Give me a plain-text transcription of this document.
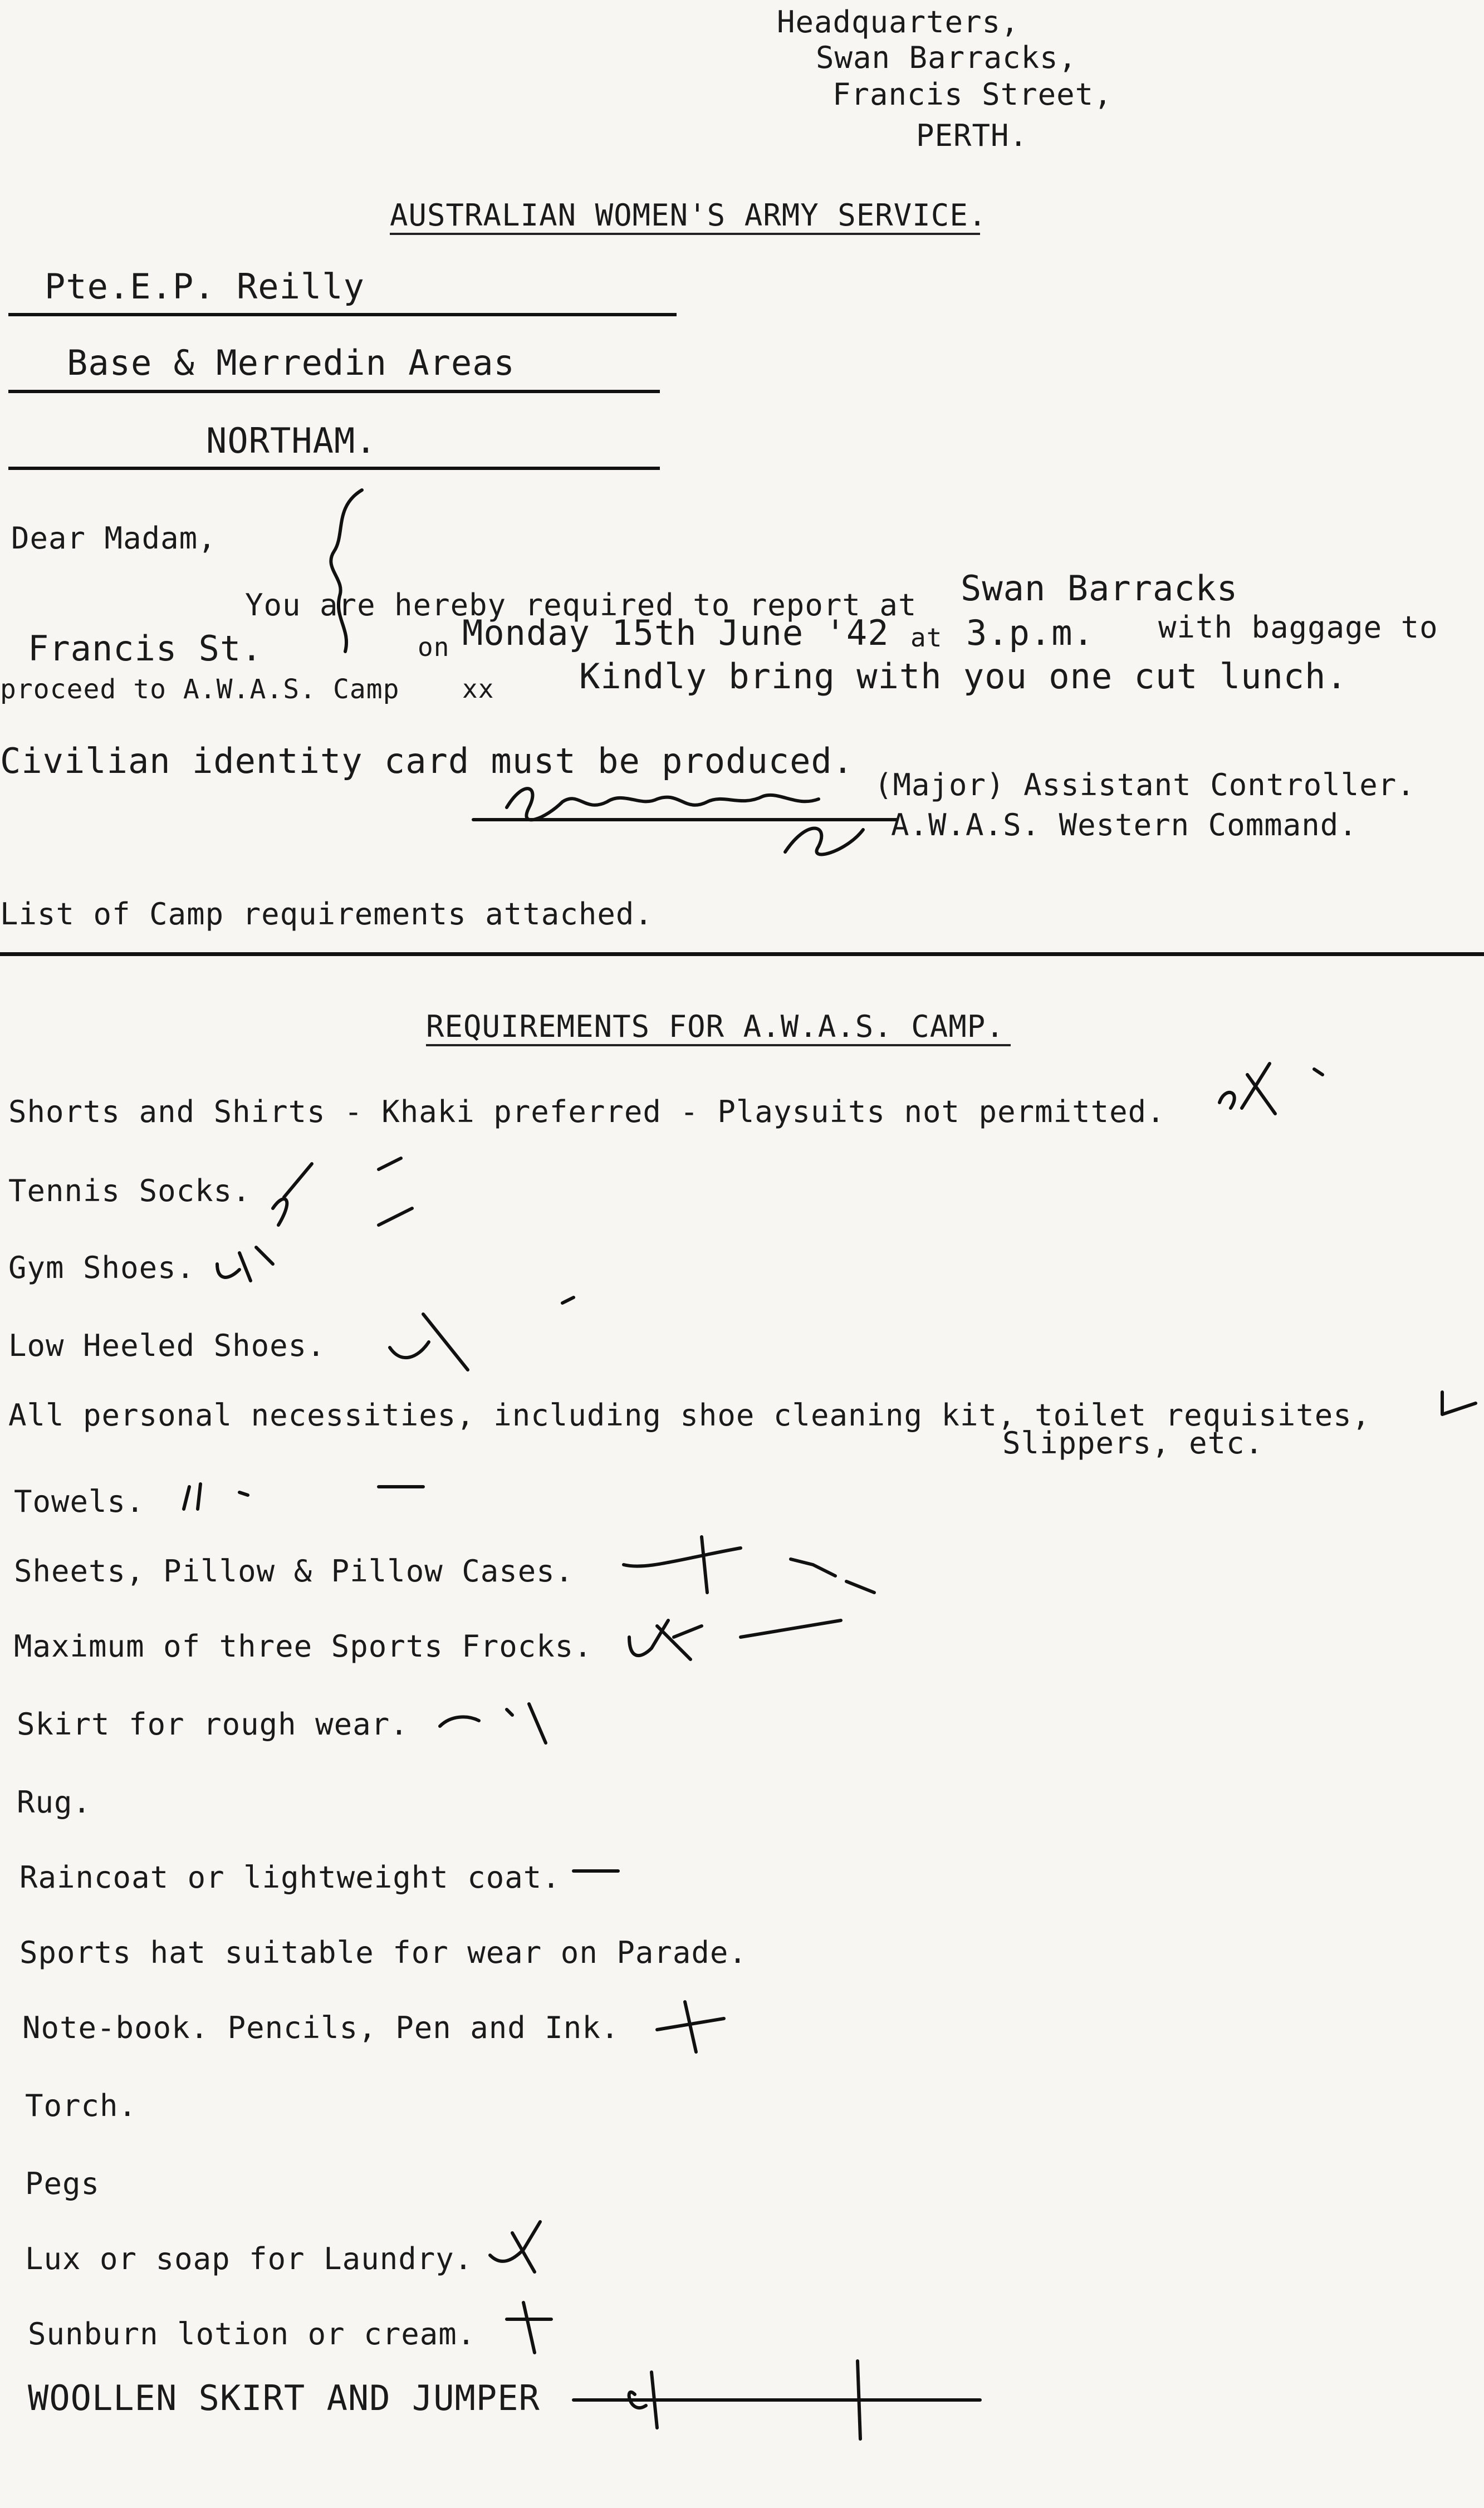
Headquarters,
Swan Barracks,
Francis Street,
PERTH.
AUSTRALIAN WOMEN'S ARMY SERVICE.
Pte.E.P. Reilly
Base & Merredin Areas
NORTHAM.
Dear Madam,
You are hereby required to report at Swan Barracks
Francis St.	on Monday 15th June '42 at 3.p.m. with baggage to
proceed to A.W.A.S. Camp xx Kindly bring with you one cut lunch.
Civilian identity card must be produced.
(Major) Assistant Controller.
A.W.A.S. Western Command.
List of Camp requirements attached.
REQUIREMENTS FOR A.W.A.S. CAMP.
Shorts and Shirts - Khaki preferred - Playsuits not permitted.
Tennis Socks.
Gym Shoes.
Low Heeled Shoes.
All personal necessities, including shoe cleaning kit, toilet requisites,
Slippers, etc.
Towels.
Sheets, Pillow & Pillow Cases.
Maximum of three Sports Frocks.
Skirt for rough wear.
Rug.
Raincoat or lightweight coat.
Sports hat suitable for wear on Parade.
Note-book. Pencils, Pen and Ink.
Torch.
Pegs
Lux or soap for Laundry.
Sunburn lotion or cream.
WOOLLEN SKIRT AND JUMPER
